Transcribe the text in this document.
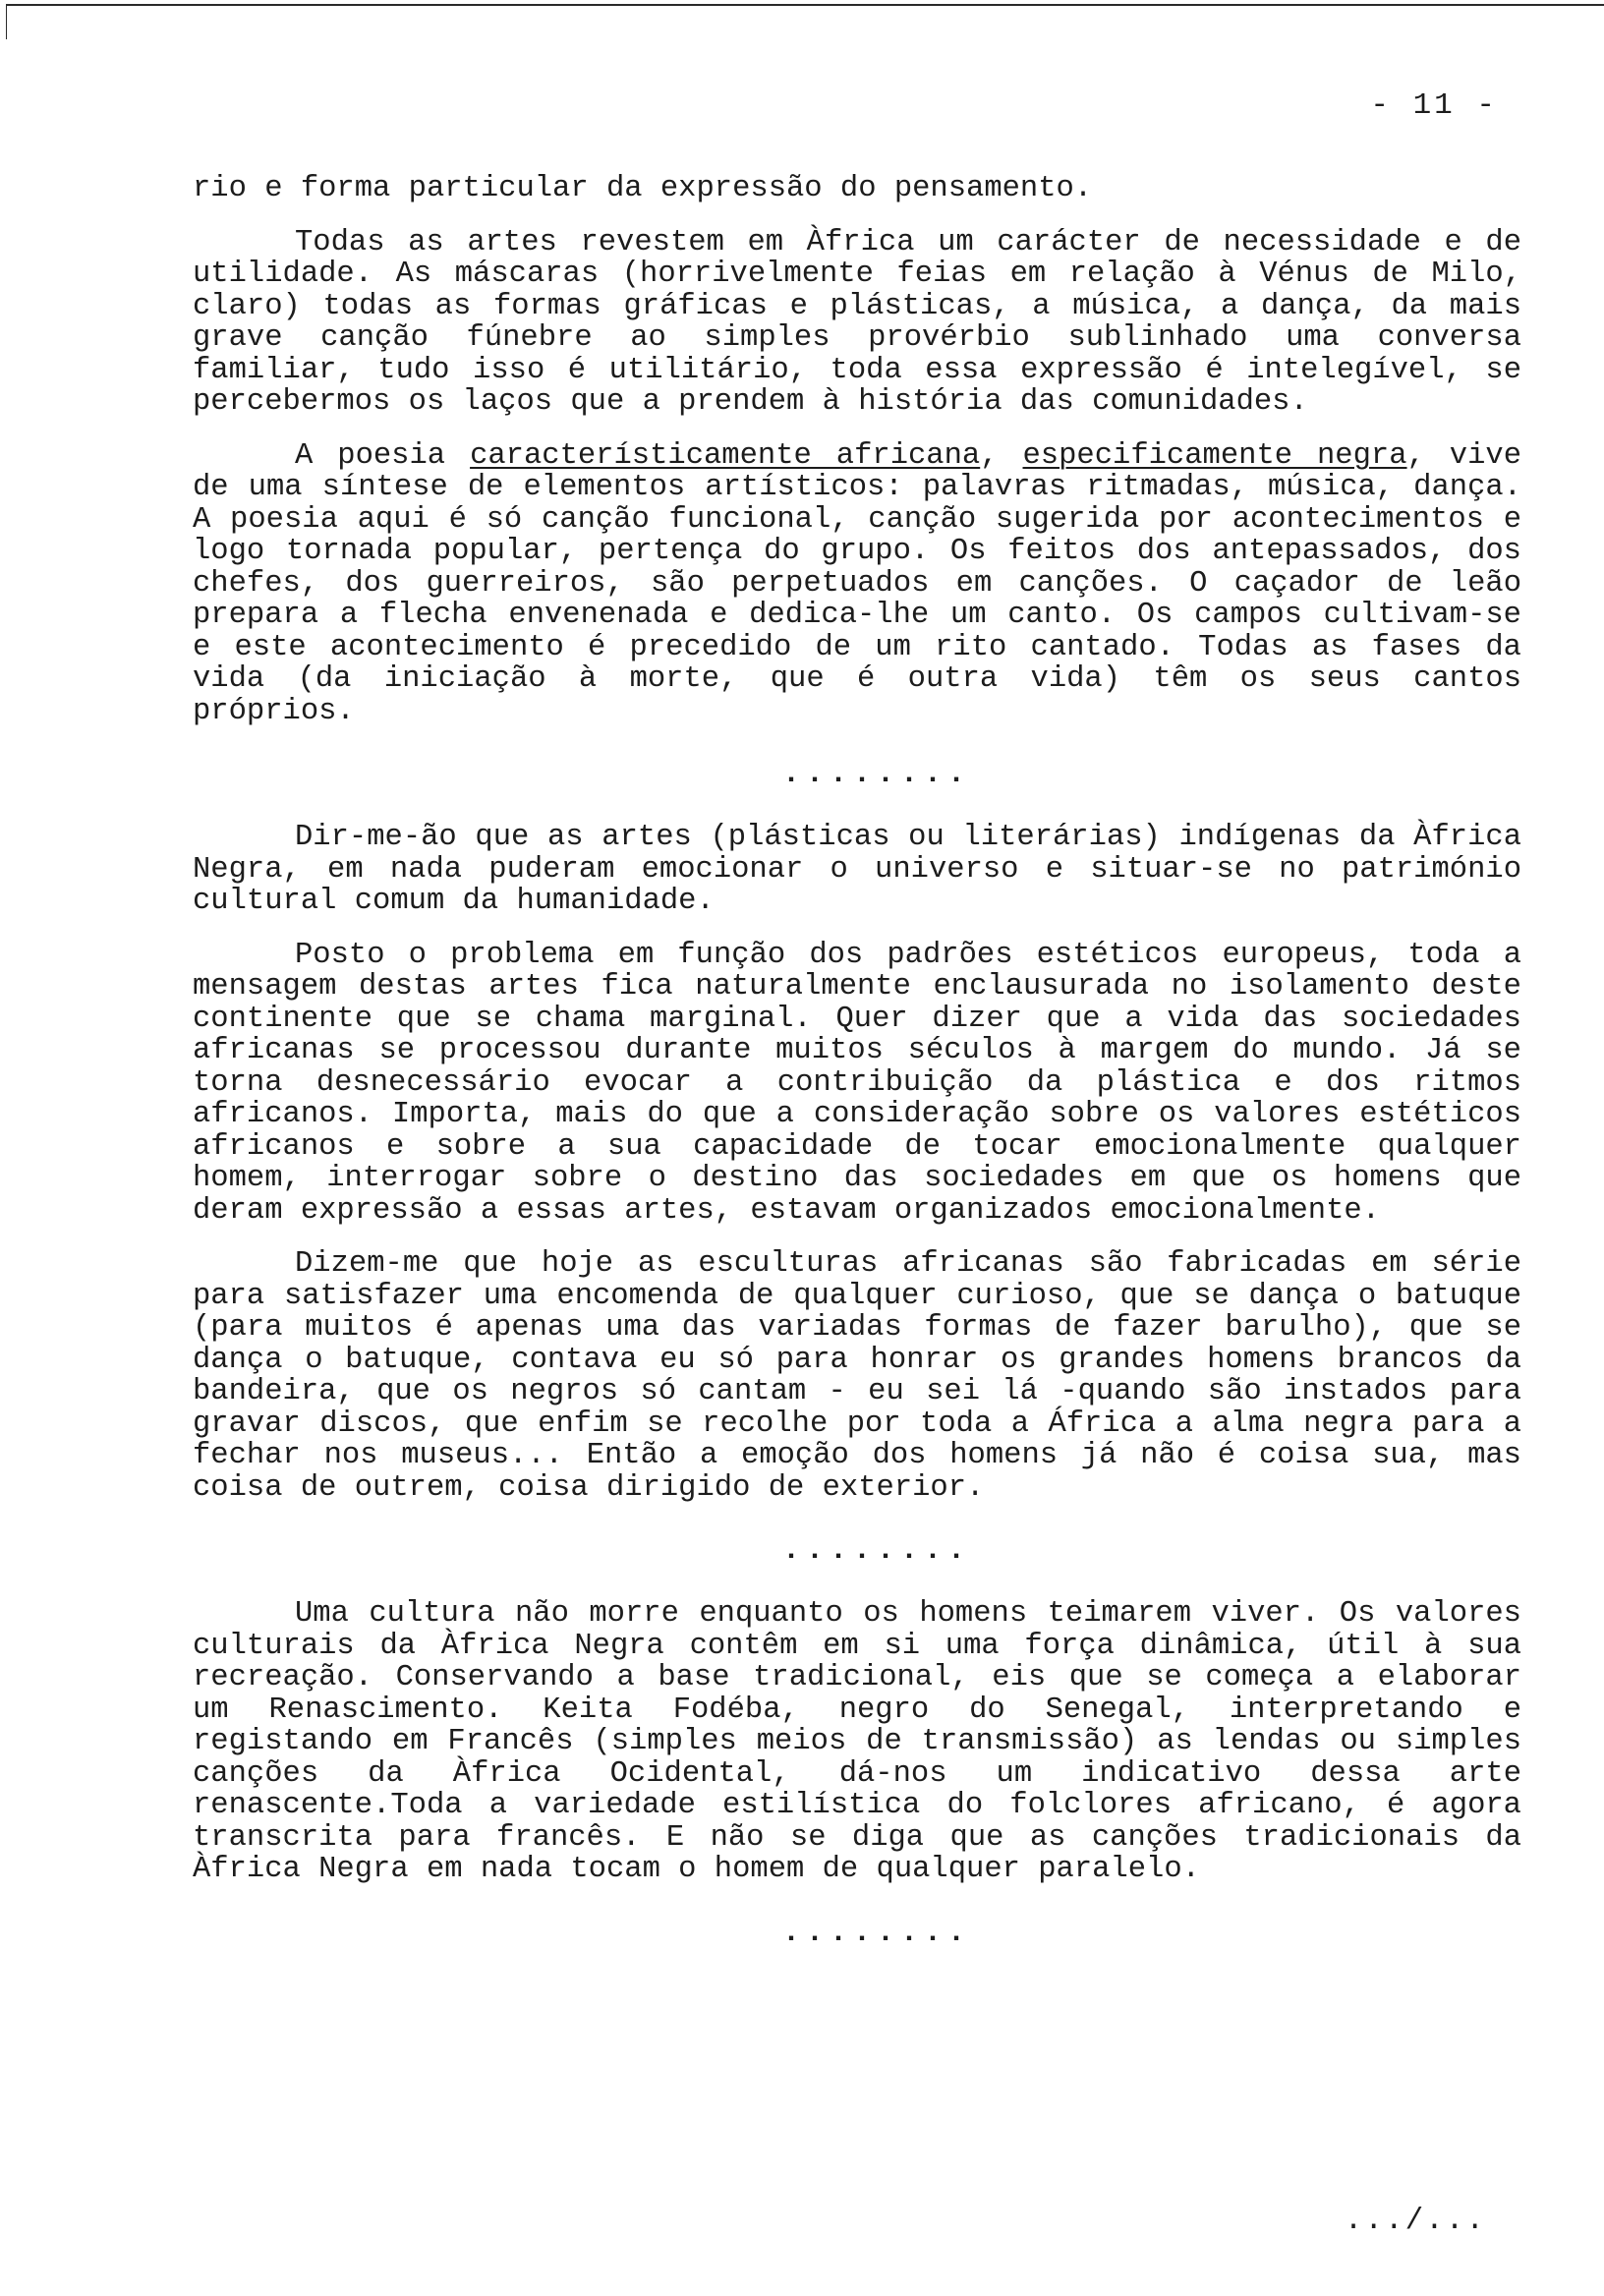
- 11 -

rio e forma particular da expressão do pensamento.

Todas as artes revestem em Àfrica um carácter de necessidade e de utilidade. As máscaras (horrivelmente feias em relação à Vénus de Milo, claro) todas as formas gráficas e plásticas, a música, a dança, da mais grave canção fúnebre ao simples provérbio sublinhado uma conversa familiar, tudo isso é utilitário, toda essa expressão é intelegível, se percebermos os laços que a prendem à história das comunidades.

A poesia característicamente africana, especificamente negra, vive de uma síntese de elementos artísticos: palavras ritmadas, música, dança. A poesia aqui é só canção funcional, canção sugerida por acontecimentos e logo tornada popular, pertença do grupo. Os feitos dos antepassados, dos chefes, dos guerreiros, são perpetuados em canções. O caçador de leão prepara a flecha envenenada e dedica-lhe um canto. Os campos cultivam-se e este acontecimento é precedido de um rito cantado. Todas as fases da vida (da iniciação à morte, que é outra vida) têm os seus cantos próprios.

........

Dir-me-ão que as artes (plásticas ou literárias) indígenas da Àfrica Negra, em nada puderam emocionar o universo e situar-se no património cultural comum da humanidade.

Posto o problema em função dos padrões estéticos europeus, toda a mensagem destas artes fica naturalmente enclausurada no isolamento deste continente que se chama marginal. Quer dizer que a vida das sociedades africanas se processou durante muitos séculos à margem do mundo. Já se torna desnecessário evocar a contribuição da plástica e dos ritmos africanos. Importa, mais do que a consideração sobre os valores estéticos africanos e sobre a sua capacidade de tocar emocionalmente qualquer homem, interrogar sobre o destino das sociedades em que os homens que deram expressão a essas artes, estavam organizados emocionalmente.

Dizem-me que hoje as esculturas africanas são fabricadas em série para satisfazer uma encomenda de qualquer curioso, que se dança o batuque (para muitos é apenas uma das variadas formas de fazer barulho), que se dança o batuque, contava eu só para honrar os grandes homens brancos da bandeira, que os negros só cantam - eu sei lá -quando são instados para gravar discos, que enfim se recolhe por toda a África a alma negra para a fechar nos museus... Então a emoção dos homens já não é coisa sua, mas coisa de outrem, coisa dirigido de exterior.

........

Uma cultura não morre enquanto os homens teimarem viver. Os valores culturais da Àfrica Negra contêm em si uma força dinâmica, útil à sua recreação. Conservando a base tradicional, eis que se começa a elaborar um Renascimento. Keita Fodéba, negro do Senegal, interpretando e registando em Francês (simples meios de transmissão) as lendas ou simples canções da Àfrica Ocidental, dá-nos um indicativo dessa arte renascente.Toda a variedade estilística do folclores africano, é agora transcrita para francês. E não se diga que as canções tradicionais da Àfrica Negra em nada tocam o homem de qualquer paralelo.

........
.../...
